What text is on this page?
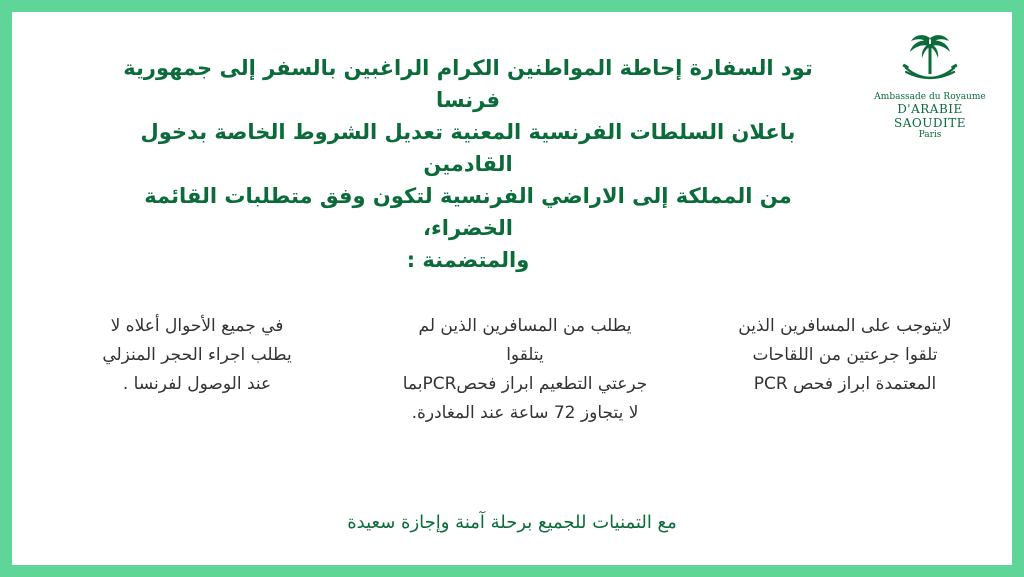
Ambassade du Royaume
D'ARABIE SAOUDITE
Paris
تود السفارة إحاطة المواطنين الكرام الراغبين بالسفر إلى جمهورية فرنسا
باعلان السلطات الفرنسية المعنية تعديل الشروط الخاصة بدخول القادمين
من المملكة إلى الاراضي الفرنسية لتكون وفق متطلبات القائمة الخضراء،
والمتضمنة :
لايتوجب على المسافرين الذين
تلقوا جرعتين من اللقاحات
المعتمدة ابراز فحص PCR
يطلب من المسافرين الذين لم يتلقوا
جرعتي التطعيم ابراز فحصPCRبما
لا يتجاوز 72 ساعة عند المغادرة.
في جميع الأحوال أعلاه لا
يطلب اجراء الحجر المنزلي
عند الوصول لفرنسا .
مع التمنيات للجميع برحلة آمنة وإجازة سعيدة
